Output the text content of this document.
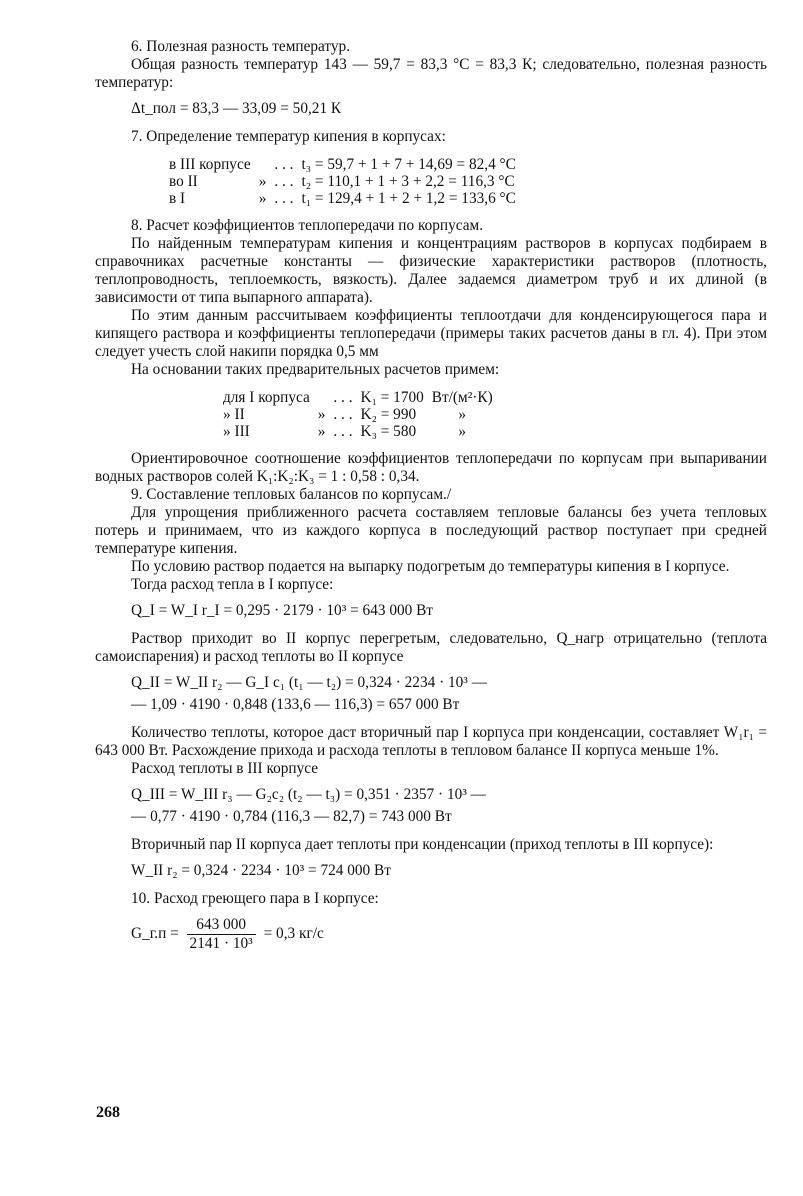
6. Полезная разность температур.

Общая разность температур 143 — 59,7 = 83,3 °С = 83,3 К; следовательно, полезная разность температур:

Δt_пол = 83,3 — 33,09 = 50,21 К

7. Определение температур кипения в корпусах:

в III корпусе		. . .	t₃ = 59,7 + 1 + 7 + 14,69 = 82,4 °С
во II	»	. . .	t₂ = 110,1 + 1 + 3 + 2,2 = 116,3 °С
в I	»	. . .	t₁ = 129,4 + 1 + 2 + 1,2 = 133,6 °С

8. Расчет коэффициентов теплопередачи по корпусам.

По найденным температурам кипения и концентрациям растворов в корпусах подбираем в справочниках расчетные константы — физические характеристики растворов (плотность, теплопроводность, теплоемкость, вязкость). Далее задаемся диаметром труб и их длиной (в зависимости от типа выпарного аппарата).

По этим данным рассчитываем коэффициенты теплоотдачи для конденсирующегося пара и кипящего раствора и коэффициенты теплопередачи (примеры таких расчетов даны в гл. 4). При этом следует учесть слой накипи порядка 0,5 мм

На основании таких предварительных расчетов примем:

для I корпуса		. . .	K₁ = 1700	Вт/(м²·К)
» II	»	. . .	K₂ = 990	»
» III	»	. . .	K₃ = 580	»

Ориентировочное соотношение коэффициентов теплопередачи по корпусам при выпаривании водных растворов солей K₁:K₂:K₃ = 1 : 0,58 : 0,34.

9. Составление тепловых балансов по корпусам./

Для упрощения приближенного расчета составляем тепловые балансы без учета тепловых потерь и принимаем, что из каждого корпуса в последующий раствор поступает при средней температуре кипения.

По условию раствор подается на выпарку подогретым до температуры кипения в I корпусе.

Тогда расход тепла в I корпусе:

Q_I = W_I r_I = 0,295 · 2179 · 10³ = 643 000 Вт

Раствор приходит во II корпус перегретым, следовательно, Q_нагр отрицательно (теплота самоиспарения) и расход теплоты во II корпусе

Q_II = W_II r₂ — G_I c₁ (t₁ — t₂) = 0,324 · 2234 · 10³ —
— 1,09 · 4190 · 0,848 (133,6 — 116,3) = 657 000 Вт

Количество теплоты, которое даст вторичный пар I корпуса при конденсации, составляет W₁r₁ = 643 000 Вт. Расхождение прихода и расхода теплоты в тепловом балансе II корпуса меньше 1%.

Расход теплоты в III корпусе

Q_III = W_III r₃ — G₂c₂ (t₂ — t₃) = 0,351 · 2357 · 10³ —
— 0,77 · 4190 · 0,784 (116,3 — 82,7) = 743 000 Вт

Вторичный пар II корпуса дает теплоты при конденсации (приход теплоты в III корпусе):

W_II r₂ = 0,324 · 2234 · 10³ = 724 000 Вт

10. Расход греющего пара в I корпусе:

G_г.п = $\frac{643 000}{\text{2141 · 10³}} = 0,3$ кг/с
268
